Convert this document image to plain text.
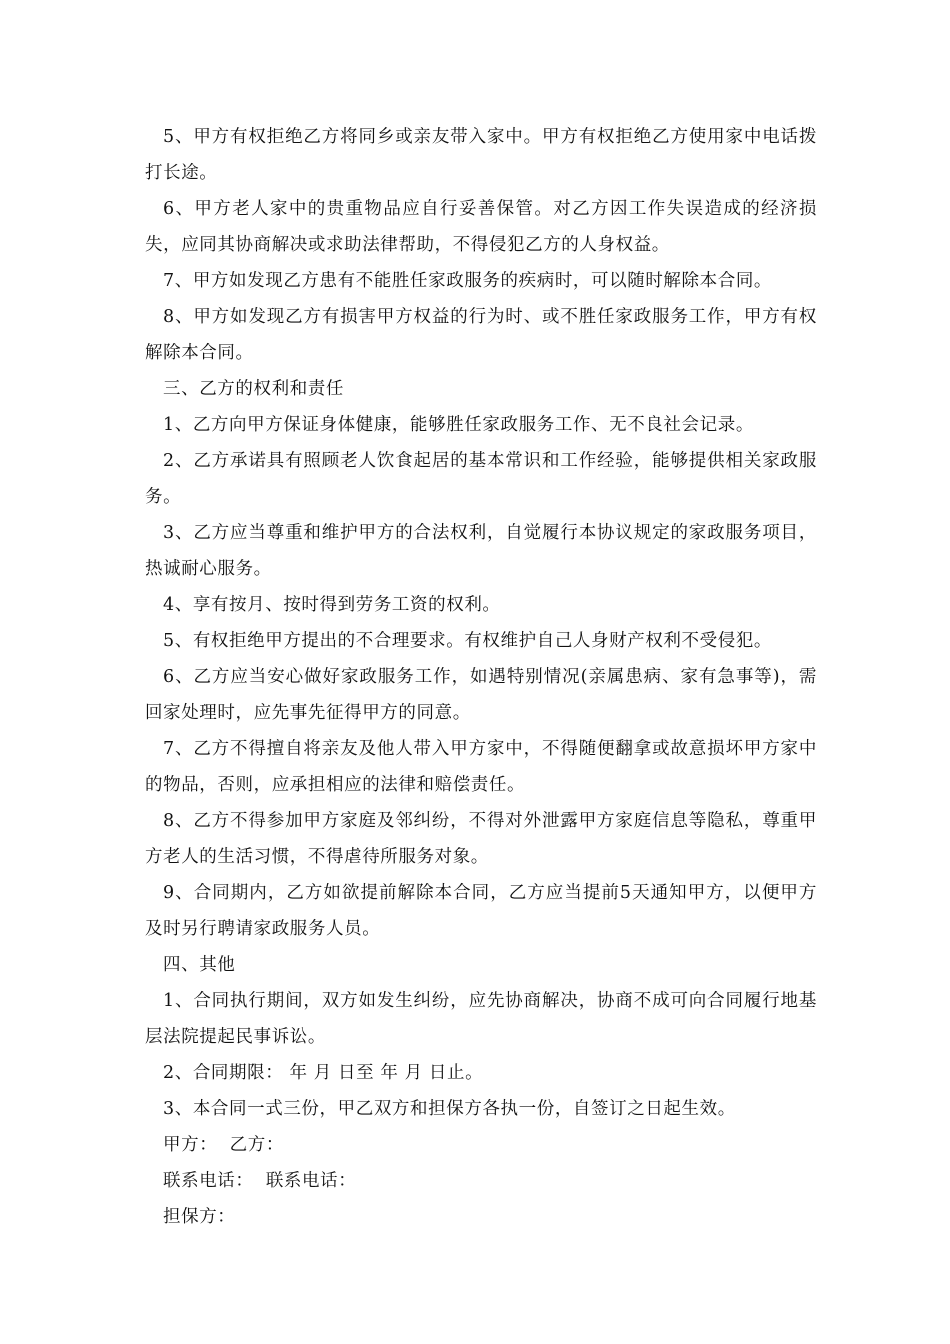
5、甲方有权拒绝乙方将同乡或亲友带入家中。甲方有权拒绝乙方使用家中电话拨打长途。

6、甲方老人家中的贵重物品应自行妥善保管。对乙方因工作失误造成的经济损失，应同其协商解决或求助法律帮助，不得侵犯乙方的人身权益。

7、甲方如发现乙方患有不能胜任家政服务的疾病时，可以随时解除本合同。

8、甲方如发现乙方有损害甲方权益的行为时、或不胜任家政服务工作，甲方有权解除本合同。

三、乙方的权利和责任

1、乙方向甲方保证身体健康，能够胜任家政服务工作、无不良社会记录。

2、乙方承诺具有照顾老人饮食起居的基本常识和工作经验，能够提供相关家政服务。

3、乙方应当尊重和维护甲方的合法权利，自觉履行本协议规定的家政服务项目，热诚耐心服务。

4、享有按月、按时得到劳务工资的权利。

5、有权拒绝甲方提出的不合理要求。有权维护自己人身财产权利不受侵犯。

6、乙方应当安心做好家政服务工作，如遇特别情况(亲属患病、家有急事等)，需回家处理时，应先事先征得甲方的同意。

7、乙方不得擅自将亲友及他人带入甲方家中，不得随便翻拿或故意损坏甲方家中的物品，否则，应承担相应的法律和赔偿责任。

8、乙方不得参加甲方家庭及邻纠纷，不得对外泄露甲方家庭信息等隐私，尊重甲方老人的生活习惯，不得虐待所服务对象。

9、合同期内，乙方如欲提前解除本合同，乙方应当提前5天通知甲方，以便甲方及时另行聘请家政服务人员。

四、其他

1、合同执行期间，双方如发生纠纷，应先协商解决，协商不成可向合同履行地基层法院提起民事诉讼。

2、合同期限： 年 月 日至 年 月 日止。

3、本合同一式三份，甲乙双方和担保方各执一份，自签订之日起生效。

甲方：  乙方：

联系电话：  联系电话：

担保方：
